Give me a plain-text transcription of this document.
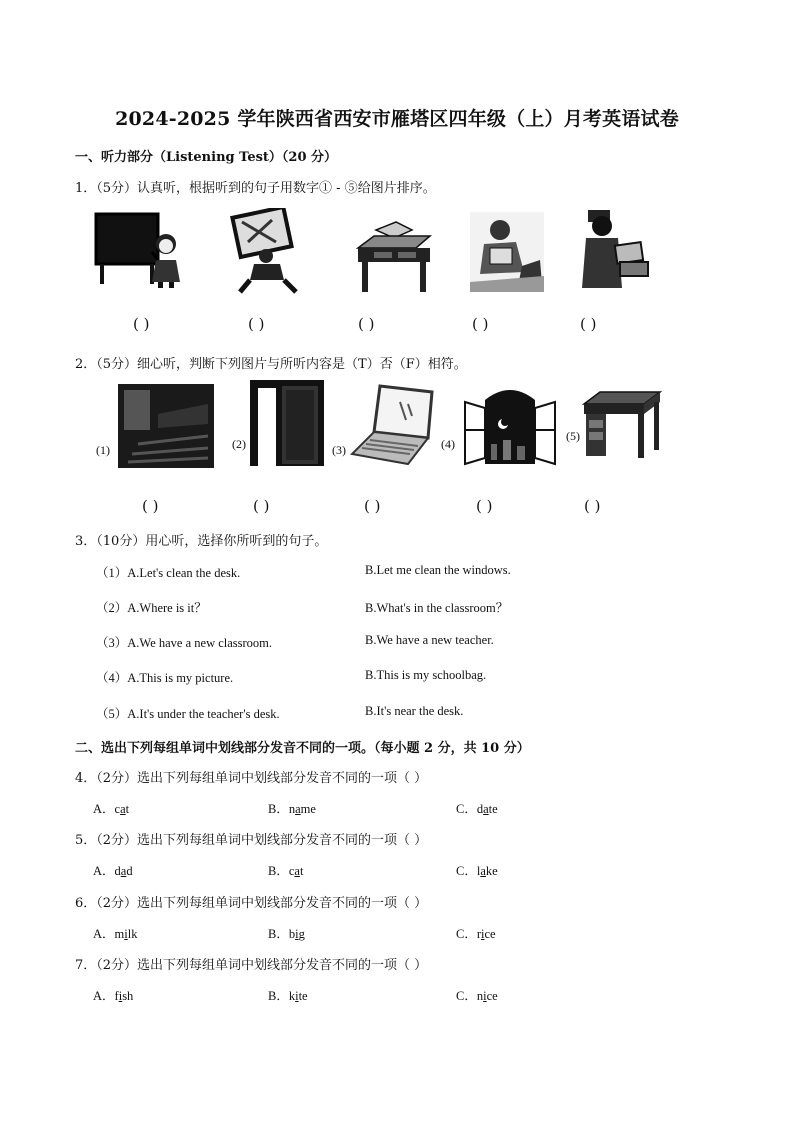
2024-2025 学年陕西省西安市雁塔区四年级（上）月考英语试卷
一、听力部分（Listening Test）（20 分）
1．（5分）认真听，根据听到的句子用数字① - ⑤给图片排序。
( )	( )	( )	( )	( )
2．（5分）细心听，判断下列图片与所听内容是（T）否（F）相符。
(1)	(2)	(3)	(4)
(5)
( )	( )	( )	( )	( )
3．（10分）用心听，选择你所听到的句子。
（1）A.Let's clean the desk.	B.Let me clean the windows.
（2）A.Where is it？	B.What's in the classroom？
（3）A.We have a new classroom.	B.We have a new teacher.
（4）A.This is my picture.	B.This is my schoolbag.
（5）A.It's under the teacher's desk.	B.It's near the desk.
二、选出下列每组单词中划线部分发音不同的一项。（每小题 2 分，共 10 分）
4．（2分）选出下列每组单词中划线部分发音不同的一项（ ）
A．cat	B．name	C．date
5．（2分）选出下列每组单词中划线部分发音不同的一项（ ）
A．dad	B．cat	C．lake
6．（2分）选出下列每组单词中划线部分发音不同的一项（ ）
A．milk	B．big	C．rice
7．（2分）选出下列每组单词中划线部分发音不同的一项（ ）
A．fish	B．kite	C．nice
